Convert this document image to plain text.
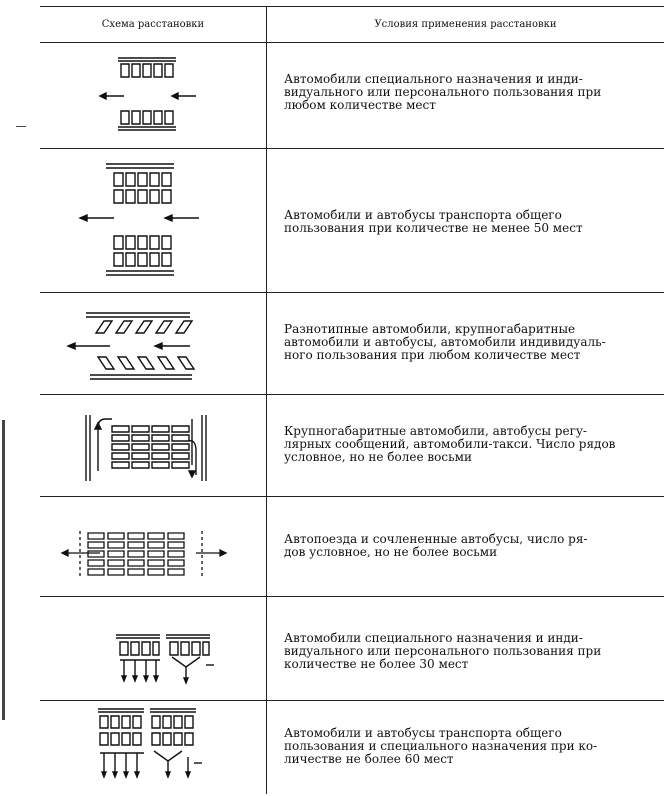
Схема расстановки	Условия применения расстановки
Автомобили специального назначения и инди-
видуального или персонального пользования при
любом количестве мест
Автомобили и автобусы транспорта общего
пользования при количестве не менее 50 мест
Разнотипные автомобили, крупногабаритные
автомобили и автобусы, автомобили индивидуаль-
ного пользования при любом количестве мест
Крупногабаритные автомобили, автобусы регу-
лярных сообщений, автомобили-такси. Число рядов
условное, но не более восьми
Автопоезда и сочлененные автобусы, число ря-
дов условное, но не более восьми
Автомобили специального назначения и инди-
видуального или персонального пользования при
количестве не более 30 мест
Автомобили и автобусы транспорта общего
пользования и специального назначения при ко-
личестве не более 60 мест
